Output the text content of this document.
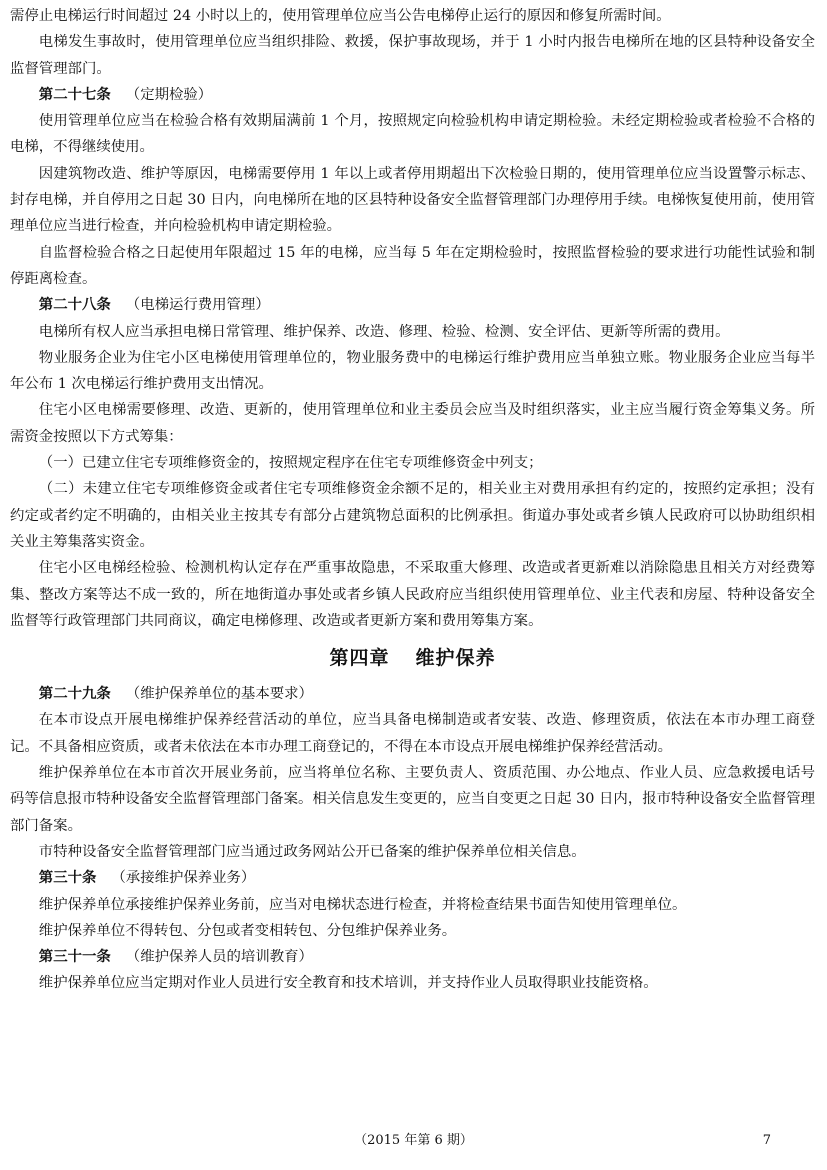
需停止电梯运行时间超过 24 小时以上的，使用管理单位应当公告电梯停止运行的原因和修复所需时间。

电梯发生事故时，使用管理单位应当组织排险、救援，保护事故现场，并于 1 小时内报告电梯所在地的区县特种设备安全监督管理部门。

第二十七条 （定期检验）

使用管理单位应当在检验合格有效期届满前 1 个月，按照规定向检验机构申请定期检验。未经定期检验或者检验不合格的电梯，不得继续使用。

因建筑物改造、维护等原因，电梯需要停用 1 年以上或者停用期超出下次检验日期的，使用管理单位应当设置警示标志、封存电梯，并自停用之日起 30 日内，向电梯所在地的区县特种设备安全监督管理部门办理停用手续。电梯恢复使用前，使用管理单位应当进行检查，并向检验机构申请定期检验。

自监督检验合格之日起使用年限超过 15 年的电梯，应当每 5 年在定期检验时，按照监督检验的要求进行功能性试验和制停距离检查。

第二十八条 （电梯运行费用管理）

电梯所有权人应当承担电梯日常管理、维护保养、改造、修理、检验、检测、安全评估、更新等所需的费用。

物业服务企业为住宅小区电梯使用管理单位的，物业服务费中的电梯运行维护费用应当单独立账。物业服务企业应当每半年公布 1 次电梯运行维护费用支出情况。

住宅小区电梯需要修理、改造、更新的，使用管理单位和业主委员会应当及时组织落实，业主应当履行资金筹集义务。所需资金按照以下方式筹集：

（一）已建立住宅专项维修资金的，按照规定程序在住宅专项维修资金中列支；

（二）未建立住宅专项维修资金或者住宅专项维修资金余额不足的，相关业主对费用承担有约定的，按照约定承担；没有约定或者约定不明确的，由相关业主按其专有部分占建筑物总面积的比例承担。街道办事处或者乡镇人民政府可以协助组织相关业主筹集落实资金。

住宅小区电梯经检验、检测机构认定存在严重事故隐患，不采取重大修理、改造或者更新难以消除隐患且相关方对经费筹集、整改方案等达不成一致的，所在地街道办事处或者乡镇人民政府应当组织使用管理单位、业主代表和房屋、特种设备安全监督等行政管理部门共同商议，确定电梯修理、改造或者更新方案和费用筹集方案。

第四章 维护保养

第二十九条 （维护保养单位的基本要求）

在本市设点开展电梯维护保养经营活动的单位，应当具备电梯制造或者安装、改造、修理资质，依法在本市办理工商登记。不具备相应资质，或者未依法在本市办理工商登记的，不得在本市设点开展电梯维护保养经营活动。

维护保养单位在本市首次开展业务前，应当将单位名称、主要负责人、资质范围、办公地点、作业人员、应急救援电话号码等信息报市特种设备安全监督管理部门备案。相关信息发生变更的，应当自变更之日起 30 日内，报市特种设备安全监督管理部门备案。

市特种设备安全监督管理部门应当通过政务网站公开已备案的维护保养单位相关信息。

第三十条 （承接维护保养业务）

维护保养单位承接维护保养业务前，应当对电梯状态进行检查，并将检查结果书面告知使用管理单位。

维护保养单位不得转包、分包或者变相转包、分包维护保养业务。

第三十一条 （维护保养人员的培训教育）

维护保养单位应当定期对作业人员进行安全教育和技术培训，并支持作业人员取得职业技能资格。

（2015 年第 6 期）	7
